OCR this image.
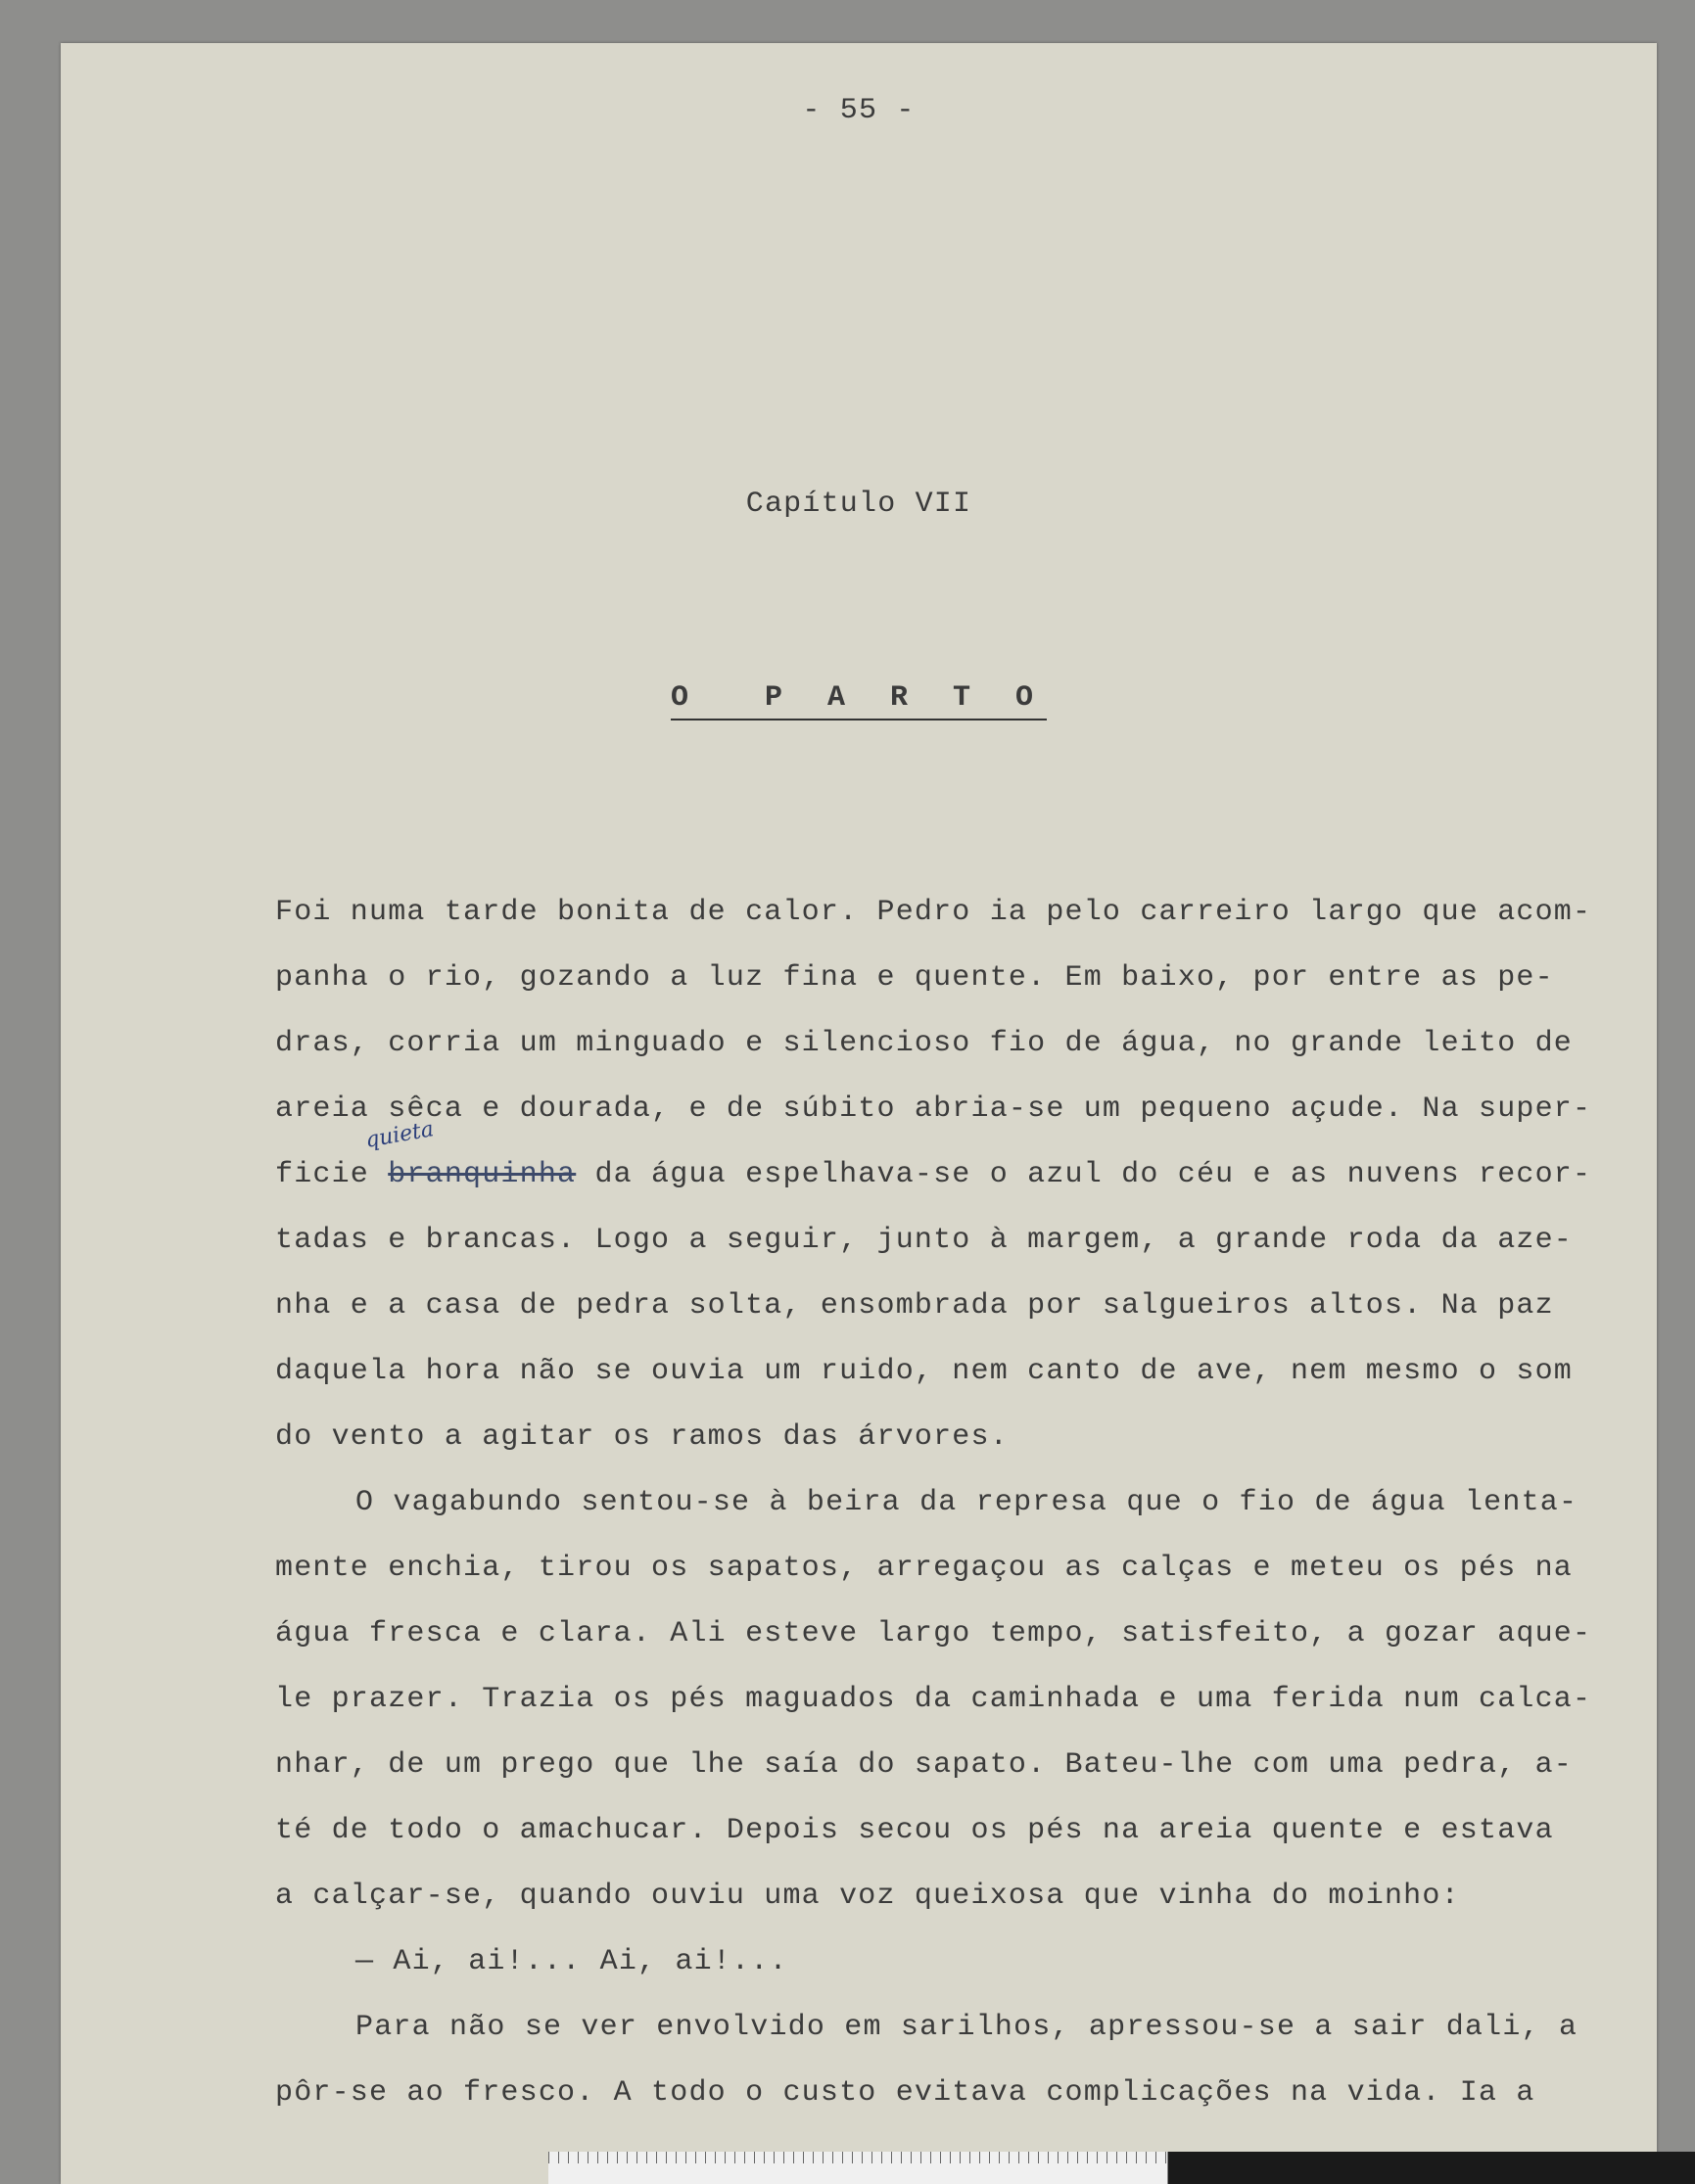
- 55 -
Capítulo VII
O  P A R T O
Foi numa tarde bonita de calor. Pedro ia pelo carreiro largo que acom-
panha o rio, gozando a luz fina e quente. Em baixo, por entre as pe-
dras, corria um minguado e silencioso fio de água, no grande leito de
areia sêca e dourada, e de súbito abria-se um pequeno açude. Na super-
ficie branquinha
quieta
da água espelhava-se o azul do céu e as nuvens recor-
tadas e brancas. Logo a seguir, junto à margem, a grande roda da aze-
nha e a casa de pedra solta, ensombrada por salgueiros altos. Na paz
daquela hora não se ouvia um ruido, nem canto de ave, nem mesmo o som
do vento a agitar os ramos das árvores.
O vagabundo sentou-se à beira da represa que o fio de água lenta-
mente enchia, tirou os sapatos, arregaçou as calças e meteu os pés na
água fresca e clara. Ali esteve largo tempo, satisfeito, a gozar aque-
le prazer. Trazia os pés maguados da caminhada e uma ferida num calca-
nhar, de um prego que lhe saía do sapato. Bateu-lhe com uma pedra, a-
té de todo o amachucar. Depois secou os pés na areia quente e estava
a calçar-se, quando ouviu uma voz queixosa que vinha do moinho:
— Ai, ai!... Ai, ai!...
Para não se ver envolvido em sarilhos, apressou-se a sair dali, a
pôr-se ao fresco. A todo o custo evitava complicações na vida. Ia a
